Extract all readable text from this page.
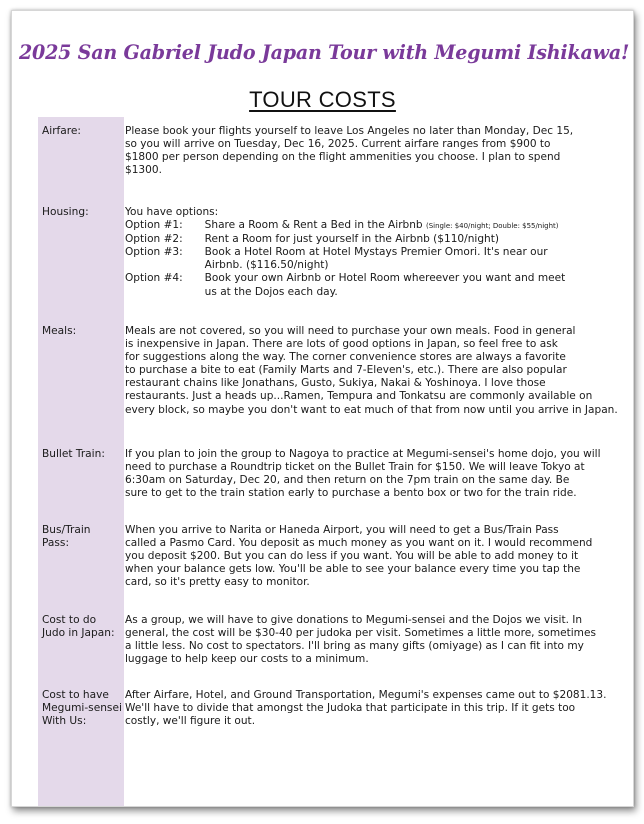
2025 San Gabriel Judo Japan Tour with Megumi Ishikawa!
TOUR COSTS
Airfare:	Please book your flights yourself to leave Los Angeles no later than Monday, Dec 15,
so you will arrive on Tuesday, Dec 16, 2025. Current airfare ranges from $900 to
$1800 per person depending on the flight ammenities you choose. I plan to spend
$1300.
Housing:	You have options:
Option #1:	Share a Room & Rent a Bed in the Airbnb (Single: $40/night; Double: $55/night)
Option #2:	Rent a Room for just yourself in the Airbnb ($110/night)
Option #3:	Book a Hotel Room at Hotel Mystays Premier Omori. It's near our
Airbnb. ($116.50/night)
Option #4:	Book your own Airbnb or Hotel Room whereever you want and meet
us at the Dojos each day.
Meals:	Meals are not covered, so you will need to purchase your own meals. Food in general
is inexpensive in Japan. There are lots of good options in Japan, so feel free to ask
for suggestions along the way. The corner convenience stores are always a favorite
to purchase a bite to eat (Family Marts and 7-Eleven's, etc.). There are also popular
restaurant chains like Jonathans, Gusto, Sukiya, Nakai & Yoshinoya. I love those
restaurants. Just a heads up...Ramen, Tempura and Tonkatsu are commonly available on
every block, so maybe you don't want to eat much of that from now until you arrive in Japan.
Bullet Train:	If you plan to join the group to Nagoya to practice at Megumi-sensei's home dojo, you will
need to purchase a Roundtrip ticket on the Bullet Train for $150. We will leave Tokyo at
6:30am on Saturday, Dec 20, and then return on the 7pm train on the same day. Be
sure to get to the train station early to purchase a bento box or two for the train ride.
Bus/Train
Pass:
When you arrive to Narita or Haneda Airport, you will need to get a Bus/Train Pass
called a Pasmo Card. You deposit as much money as you want on it. I would recommend
you deposit $200. But you can do less if you want. You will be able to add money to it
when your balance gets low. You'll be able to see your balance every time you tap the
card, so it's pretty easy to monitor.
Cost to do
Judo in Japan:
As a group, we will have to give donations to Megumi-sensei and the Dojos we visit. In
general, the cost will be $30-40 per judoka per visit. Sometimes a little more, sometimes
a little less. No cost to spectators. I'll bring as many gifts (omiyage) as I can fit into my
luggage to help keep our costs to a minimum.
Cost to have
Megumi-sensei
With Us:
After Airfare, Hotel, and Ground Transportation, Megumi's expenses came out to $2081.13.
We'll have to divide that amongst the Judoka that participate in this trip. If it gets too
costly, we'll figure it out.
